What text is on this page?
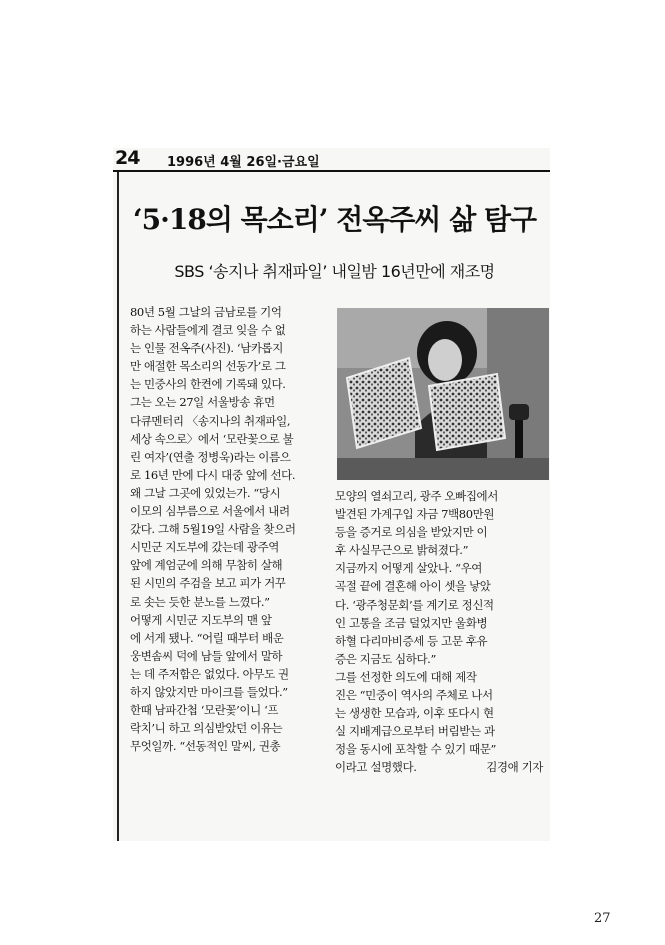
24 1996년 4월 26일·금요일
‘5·18의 목소리’ 전옥주씨 삶 탐구
SBS ‘송지나 취재파일’ 내일밤 16년만에 재조명
80년 5월 그날의 금남로를 기억
하는 사람들에게 결코 잊을 수 없
는 인물 전옥주(사진). ‘남카롭지
만 애절한 목소리의 선동가’로 그
는 민중사의 한켠에 기록돼 있다.
그는 오는 27일 서울방송 휴먼
다큐멘터리 〈송지나의 취재파일,
세상 속으로〉에서 ‘모란꽃으로 불
린 여자’(연출 정병욱)라는 이름으
로 16년 만에 다시 대중 앞에 선다.
왜 그날 그곳에 있었는가. “당시
이모의 심부름으로 서울에서 내려
갔다. 그해 5월19일 사람을 찾으러
시민군 지도부에 갔는데 광주역
앞에 계엄군에 의해 무참히 살해
된 시민의 주검을 보고 피가 거꾸
로 솟는 듯한 분노를 느꼈다.”
어떻게 시민군 지도부의 맨 앞
에 서게 됐나. “어릴 때부터 배운
웅변솜씨 덕에 남들 앞에서 말하
는 데 주저함은 없었다. 아무도 권
하지 않았지만 마이크를 들었다.”
한때 남파간첩 ‘모란꽃’이니 ‘프
락치’니 하고 의심받았던 이유는
무엇일까. “선동적인 말씨, 권총
모양의 열쇠고리, 광주 오빠집에서
발견된 가계구입 자금 7백80만원
등을 증거로 의심을 받았지만 이
후 사실무근으로 밝혀졌다.”
지금까지 어떻게 살았나. “우여
곡절 끝에 결혼해 아이 셋을 낳았
다. ‘광주청문회’를 계기로 정신적
인 고통을 조금 덜었지만 울화병
하혈 다리마비증세 등 고문 후유
증은 지금도 심하다.”
그를 선정한 의도에 대해 제작
진은 “민중이 역사의 주체로 나서
는 생생한 모습과, 이후 또다시 현
실 지배계급으로부터 버림받는 과
정을 동시에 포착할 수 있기 때문”
이라고 설명했다.	김경애 기자
27
